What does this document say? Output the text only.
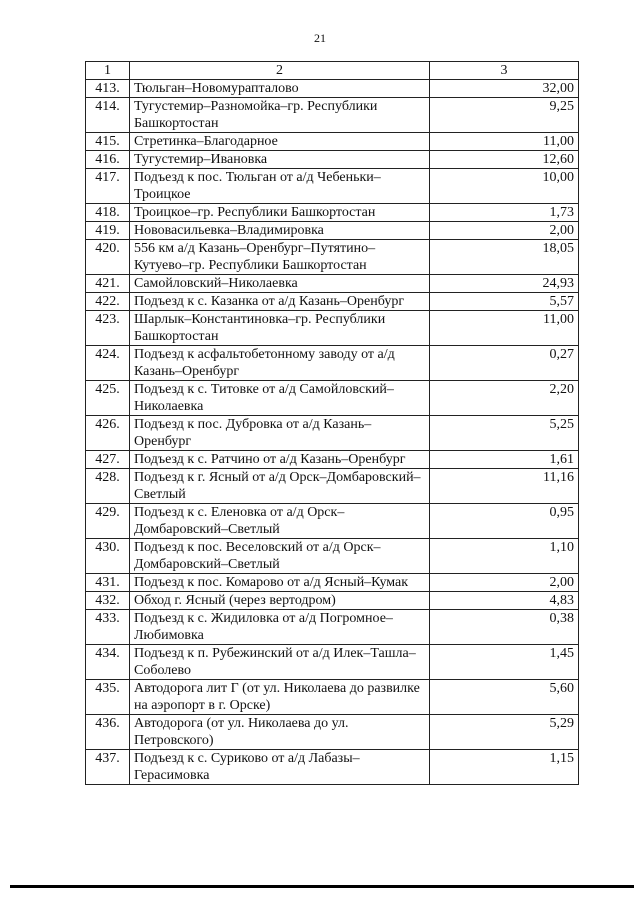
21
1	2	3
413.	Тюльган–Новомурапталово	32,00
414.	Тугустемир–Разномойка–гр. Республики Башкортостан	9,25
415.	Стретинка–Благодарное	11,00
416.	Тугустемир–Ивановка	12,60
417.	Подъезд к пос. Тюльган от а/д Чебеньки–Троицкое	10,00
418.	Троицкое–гр. Республики Башкортостан	1,73
419.	Нововасильевка–Владимировка	2,00
420.	556 км а/д Казань–Оренбург–Путятино–Кутуево–гр. Республики Башкортостан	18,05
421.	Самойловский–Николаевка	24,93
422.	Подъезд к с. Казанка от а/д Казань–Оренбург	5,57
423.	Шарлык–Константиновка–гр. Республики Башкортостан	11,00
424.	Подъезд к асфальтобетонному заводу от а/д Казань–Оренбург	0,27
425.	Подъезд к с. Титовке от а/д Самойловский–Николаевка	2,20
426.	Подъезд к пос. Дубровка от а/д Казань–Оренбург	5,25
427.	Подъезд к с. Ратчино от а/д Казань–Оренбург	1,61
428.	Подъезд к г. Ясный от а/д Орск–Домбаровский–Светлый	11,16
429.	Подъезд к с. Еленовка от а/д Орск–Домбаровский–Светлый	0,95
430.	Подъезд к пос. Веселовский от а/д Орск–Домбаровский–Светлый	1,10
431.	Подъезд к пос. Комарово от а/д Ясный–Кумак	2,00
432.	Обход г. Ясный (через вертодром)	4,83
433.	Подъезд к с. Жидиловка от а/д Погромное–Любимовка	0,38
434.	Подъезд к п. Рубежинский от а/д Илек–Ташла–Соболево	1,45
435.	Автодорога лит Г (от ул. Николаева до развилке на аэропорт в г. Орске)	5,60
436.	Автодорога (от ул. Николаева до ул. Петровского)	5,29
437.	Подъезд к с. Суриково от а/д Лабазы–Герасимовка	1,15
